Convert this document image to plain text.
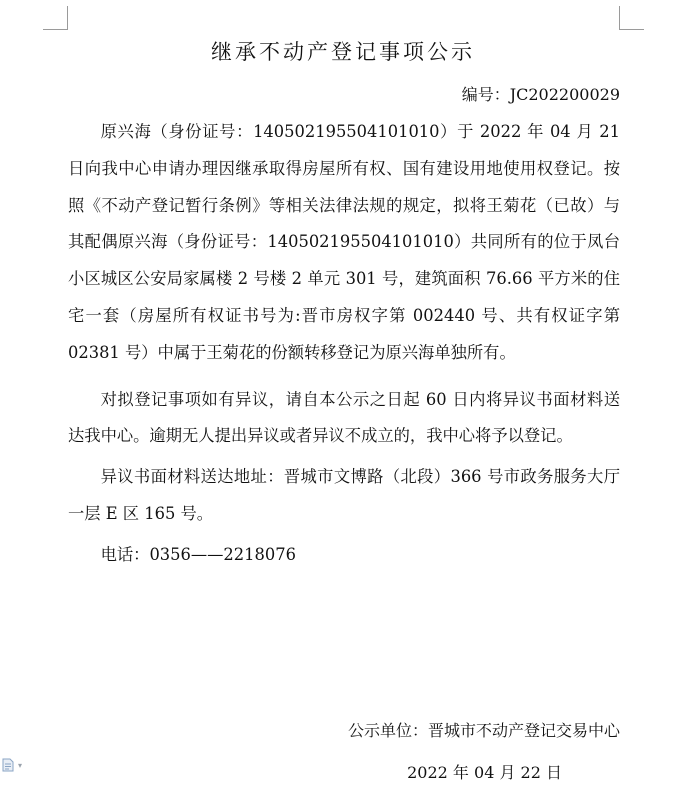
继承不动产登记事项公示
编号：JC202200029

原兴海（身份证号：140502195504101010）于 2022 年 04 月 21 日向我中心申请办理因继承取得房屋所有权、国有建设用地使用权登记。按照《不动产登记暂行条例》等相关法律法规的规定，拟将王菊花（已故）与其配偶原兴海（身份证号：140502195504101010）共同所有的位于凤台小区城区公安局家属楼 2 号楼 2 单元 301 号，建筑面积 76.66 平方米的住宅一套（房屋所有权证书号为:晋市房权字第 002440 号、共有权证字第 02381 号）中属于王菊花的份额转移登记为原兴海单独所有。

对拟登记事项如有异议，请自本公示之日起 60 日内将异议书面材料送达我中心。逾期无人提出异议或者异议不成立的，我中心将予以登记。

异议书面材料送达地址：晋城市文博路（北段）366 号市政务服务大厅一层 E 区 165 号。

电话：0356——2218076

公示单位：晋城市不动产登记交易中心
2022 年 04 月 22 日
▾
